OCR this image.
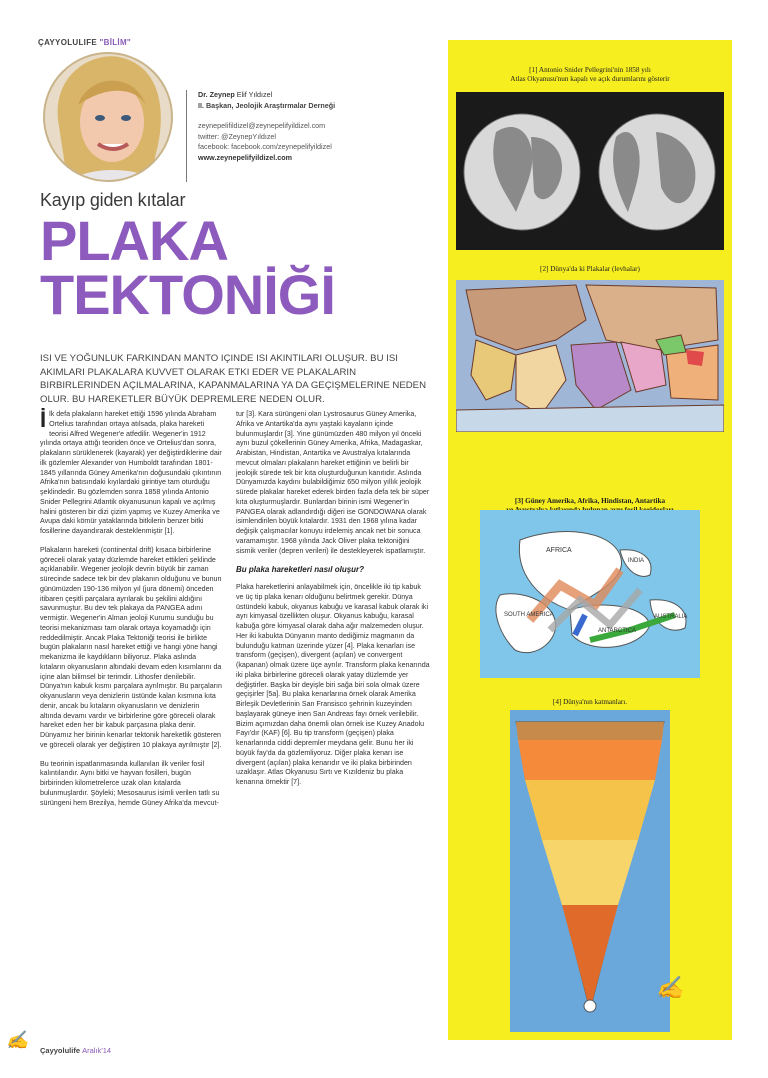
ÇAYYOLULIFE "BİLİM"
Dr. Zeynep Elif Yıldızel
II. Başkan, Jeolojik Araştırmalar Derneği
zeynepelifildizel@zeynepelifyildizel.com
twitter: @ZeynepYıldızel
facebook: facebook.com/zeynepelifyildizel
www.zeynepelifyildizel.com
Kayıp giden kıtalar
PLAKA
TEKTONİĞİ
ISI VE YOĞUNLUK FARKINDAN MANTO IÇINDE ISI AKINTILARI OLUŞUR. BU ISI AKIMLARI PLAKALARA KUVVET OLARAK ETKI EDER VE PLAKALARIN BIRBIRLERINDEN AÇILMALARINA, KAPANMALARINA YA DA GEÇIŞMELERINE NEDEN OLUR. BU HAREKETLER BÜYÜK DEPREMLERE NEDEN OLUR.

İlk defa plakaların hareket ettiği 1596 yılında Abraham Ortelius tarafından ortaya atılsada, plaka hareketi teorisi Alfred Wegener'e atfedilir. Wegener'in 1912 yılında ortaya attığı teoriden önce ve Ortelius'dan sonra, plakaların sürüklenerek (kayarak) yer değiştirdiklerine dair ilk gözlemler Alexander von Humboldt tarafından 1801-1845 yıllarında Güney Amerika'nın doğusundaki çıkıntının Afrika'nın batısındaki kıyılardaki girintiye tam oturduğu şeklindedir. Bu gözlemden sonra 1858 yılında Antonio Snider Pellegrini Atlantik okyanusunun kapalı ve açılmış halini gösteren bir dizi çizim yapmış ve Kuzey Amerika ve Avupa daki kömür yataklarında bitkilerin benzer bitki fosillerine dayandırarak desteklenmiştir [1].

Plakaların hareketi (continental drift) kısaca birbirlerine göreceli olarak yatay düzlemde hareket ettikleri şeklinde açıklanabilir. Wegener jeolojik devrin büyük bir zaman sürecinde sadece tek bir dev plakanın olduğunu ve bunun günümüzden 190-136 milyon yıl (jura dönemi) önceden itibaren çeşitli parçalara ayrılarak bu şekilini aldığını savunmuştur. Bu dev tek plakaya da PANGEA adını vermiştir. Wegener'in Alman jeoloji Kurumu sunduğu bu teorisi mekanizması tam olarak ortaya koyamadığı için reddedilmiştir. Ancak Plaka Tektoniği teorisi ile birlikte bugün plakaların nasıl hareket ettiği ve hangi yöne hangi mekanizma ile kaydıkların biliyoruz. Plaka aslında kıtaların okyanusların altındaki devam eden kısımlarını da içine alan bilimsel bir terimdir. Lithosfer denilebilir. Dünya'nın kabuk kısmı parçalara ayrılmıştır. Bu parçaların okyanusların veya denizlerin üstünde kalan kısmına kıta denir, ancak bu kıtaların okyanusların ve denizlerin altında devamı vardır ve birbirlerine göre göreceli olarak hareket eden her bir kabuk parçasına plaka denir. Dünyamız her birinin kenarlar tektonik hareketlik gösteren ve göreceli olarak yer değiştiren 10 plakaya ayrılmıştır [2].

Bu teorinin ispatlanmasında kullanılan ilk veriler fosil kalıntılarıdır. Aynı bitki ve hayvan fosilleri, bugün birbirinden kilometrelerce uzak olan kıtalarda bulunmuşlardır. Şöyleki; Mesosaurus isimli verilen tatlı su sürüngeni hem Brezilya, hemde Güney Afrika'da mevcut-

tur [3]. Kara sürüngeni olan Lystrosaurus Güney Amerika, Afrika ve Antartika'da aynı yaştaki kayaların içinde bulunmuşlardır [3]. Yine günümüzden 480 milyon yıl önceki aynı buzul çökellerinin Güney Amerika, Afrika, Madagaskar, Arabistan, Hindistan, Antartika ve Avustralya kıtalarında mevcut olmaları plakaların hareket ettiğinin ve belirli bir jeolojik sürede tek bir kıta oluşturduğunun kanıtıdır. Aslında Dünyamızda kaydını bulabildiğimiz 650 milyon yıllık jeolojik sürede plakalar hareket ederek birden fazla defa tek bir süper kıta oluşturmuşlardır. Bunlardan birinin ismi Wegener'in PANGEA olarak adlandırdığı diğeri ise GONDOWANA olarak isimlendirilen büyük kıtalardır. 1931 den 1968 yılına kadar değişik çalışmacılar konuyu irdelemiş ancak net bir sonuca varamamıştır. 1968 yılında Jack Oliver plaka tektoniğini sismik veriler (depren verileri) ile destekleyerek ispatlamıştır.

Bu plaka hareketleri nasıl oluşur?

Plaka hareketlerini anlayabilmek için, öncelikle iki tip kabuk ve üç tip plaka kenarı olduğunu belirtmek gerekir. Dünya üstündeki kabuk, okyanus kabuğu ve karasal kabuk olarak iki ayrı kimyasal özellikten oluşur. Okyanus kabuğu, karasal kabuğa göre kimyasal olarak daha ağır malzemeden oluşur. Her iki kabukta Dünyanın manto dediğimiz magmanın da bulunduğu katman üzerinde yüzer [4]. Plaka kenarları ise transform (geçişen), divergent (açılan) ve convergent (kapanan) olmak üzere üçe ayrılır. Transform plaka kenarında iki plaka birbirlerine göreceli olarak yatay düzlemde yer değiştirler. Başka bir deyişle biri sağa biri sola olmak üzere geçişirler [5a]. Bu plaka kenarlarına örnek olarak Amerika Birleşik Devletlerinin San Fransisco şehrinin kuzeyinden başlayarak güneye inen San Andreas fayı örnek verilebilir. Bizim açımızdan daha önemli olan örnek ise Kuzey Anadolu Fayı'dır (KAF) [6]. Bu tip transform (geçişen) plaka kenarlarında ciddi depremler meydana gelir. Bunu her iki büyük fay'da da gözlemliyoruz. Diğer plaka kenarı ise divergent (açılan) plaka kenarıdır ve iki plaka birbirinden uzaklaşır. Atlas Okyanusu Sırtı ve Kızıldeniz bu plaka kenarına örnektir [7].

[1] Antonio Snider Pellegrini'nin 1858 yılı
Atlas Okyanusu'nun kapalı ve açık durumlarını gösterir
[2] Dünya'da ki Plakalar (levhalar)
[3] Güney Amerika, Afrika, Hindistan, Antartika
AFRICA
INDIA
SOUTH AMERICA
ANTARCTICA
AUSTRALIA
[4] Dünya'nın katmanları.
✍
Çayyolulife Aralık'14
✍
